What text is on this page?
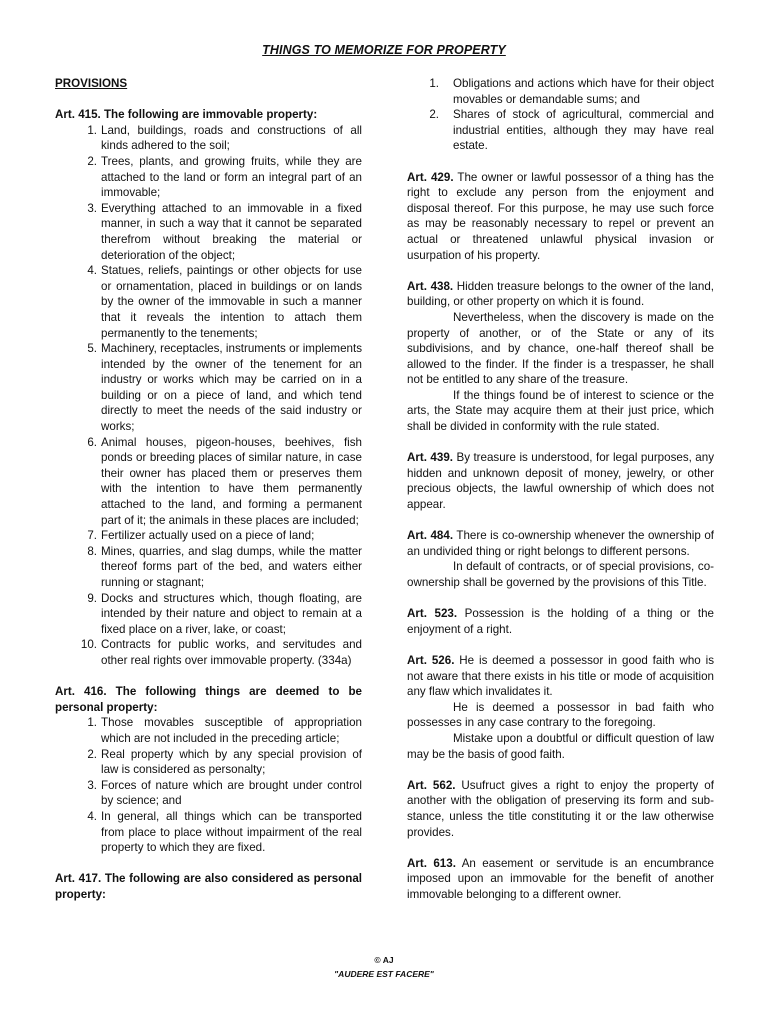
THINGS TO MEMORIZE FOR PROPERTY
PROVISIONS
Art. 415. The following are immovable property:
1. Land, buildings, roads and constructions of all kinds adhered to the soil;
2. Trees, plants, and growing fruits, while they are attached to the land or form an integral part of an immovable;
3. Everything attached to an immovable in a fixed manner, in such a way that it cannot be separated therefrom without breaking the material or deterioration of the object;
4. Statues, reliefs, paintings or other objects for use or ornamentation, placed in buildings or on lands by the owner of the immovable in such a manner that it reveals the intention to attach them permanently to the tenements;
5. Machinery, receptacles, instruments or implements intended by the owner of the tenement for an industry or works which may be carried on in a building or on a piece of land, and which tend directly to meet the needs of the said industry or works;
6. Animal houses, pigeon-houses, beehives, fish ponds or breeding places of similar nature, in case their owner has placed them or preserves them with the intention to have them permanently attached to the land, and forming a permanent part of it; the animals in these places are included;
7. Fertilizer actually used on a piece of land;
8. Mines, quarries, and slag dumps, while the matter thereof forms part of the bed, and waters either running or stagnant;
9. Docks and structures which, though floating, are intended by their nature and object to remain at a fixed place on a river, lake, or coast;
10. Contracts for public works, and servitudes and other real rights over immovable property. (334a)
Art. 416. The following things are deemed to be personal property:
1. Those movables susceptible of appropriation which are not included in the preceding article;
2. Real property which by any special provision of law is considered as personalty;
3. Forces of nature which are brought under control by science; and
4. In general, all things which can be transported from place to place without impairment of the real property to which they are fixed.
Art. 417. The following are also considered as personal property:
1. Obligations and actions which have for their object movables or demandable sums; and
2. Shares of stock of agricultural, commercial and industrial entities, although they may have real estate.
Art. 429. The owner or lawful possessor of a thing has the right to exclude any person from the enjoyment and disposal thereof. For this purpose, he may use such force as may be reasonably necessary to repel or prevent an actual or threatened unlawful physical invasion or usurpation of his property.
Art. 438. Hidden treasure belongs to the owner of the land, building, or other property on which it is found.
Nevertheless, when the discovery is made on the property of another, or of the State or any of its subdivisions, and by chance, one-half thereof shall be allowed to the finder. If the finder is a trespasser, he shall not be entitled to any share of the treasure.
If the things found be of interest to science or the arts, the State may acquire them at their just price, which shall be divided in conformity with the rule stated.
Art. 439. By treasure is understood, for legal purposes, any hidden and unknown deposit of money, jewelry, or other precious objects, the lawful ownership of which does not appear.
Art. 484. There is co-ownership whenever the ownership of an undivided thing or right belongs to different persons.
In default of contracts, or of special provisions, co-ownership shall be governed by the provisions of this Title.
Art. 523. Possession is the holding of a thing or the enjoyment of a right.
Art. 526. He is deemed a possessor in good faith who is not aware that there exists in his title or mode of acquisition any flaw which invalidates it.
He is deemed a possessor in bad faith who possesses in any case contrary to the foregoing.
Mistake upon a doubtful or difficult question of law may be the basis of good faith.
Art. 562. Usufruct gives a right to enjoy the property of another with the obligation of preserving its form and sub- stance, unless the title constituting it or the law otherwise provides.
Art. 613. An easement or servitude is an encumbrance imposed upon an immovable for the benefit of another immovable belonging to a different owner.
© AJ
"AUDERE EST FACERE"
